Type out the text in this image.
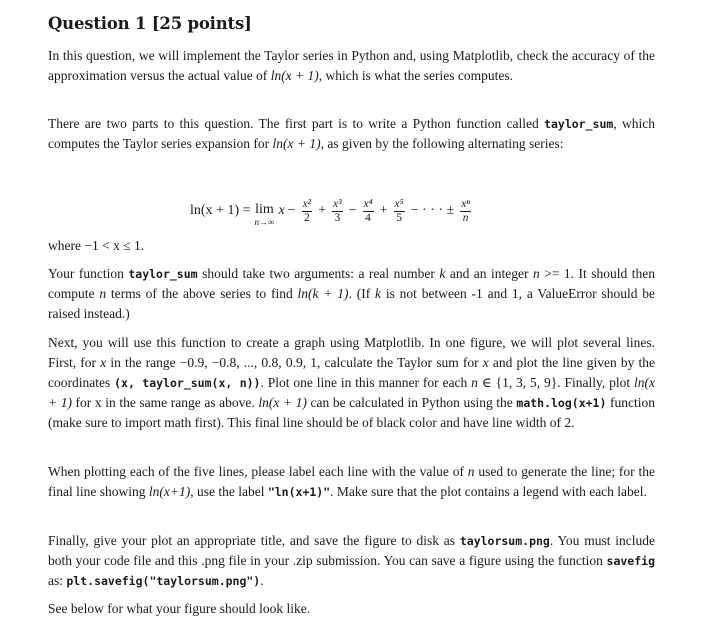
Question 1 [25 points]
In this question, we will implement the Taylor series in Python and, using Matplotlib, check the accuracy of the approximation versus the actual value of ln(x + 1), which is what the series computes.
There are two parts to this question. The first part is to write a Python function called taylor_sum, which computes the Taylor series expansion for ln(x + 1), as given by the following alternating series:
ln(x + 1) = lim
n→∞
$x - \frac{\text{x²}}{2} + \frac{\text{x³}}{3} - \frac{\text{x⁴}}{4} + \frac{\text{x⁵}}{5}$ − · · · ± $\frac{\text{xⁿ}}{n}$
where −1 < x ≤ 1.
Your function taylor_sum should take two arguments: a real number k and an integer n >= 1. It should then compute n terms of the above series to find ln(k + 1). (If k is not between -1 and 1, a ValueError should be raised instead.)
Next, you will use this function to create a graph using Matplotlib. In one figure, we will plot several lines. First, for x in the range −0.9, −0.8, ..., 0.8, 0.9, 1, calculate the Taylor sum for x and plot the line given by the coordinates (x, taylor_sum(x, n)). Plot one line in this manner for each n ∈ {1, 3, 5, 9}. Finally, plot ln(x + 1) for x in the same range as above. ln(x + 1) can be calculated in Python using the math.log(x+1) function (make sure to import math first). This final line should be of black color and have line width of 2.
When plotting each of the five lines, please label each line with the value of n used to generate the line; for the final line showing ln(x+1), use the label "ln(x+1)". Make sure that the plot contains a legend with each label.
Finally, give your plot an appropriate title, and save the figure to disk as taylorsum.png. You must include both your code file and this .png file in your .zip submission. You can save a figure using the function savefig as: plt.savefig("taylorsum.png").
See below for what your figure should look like.
